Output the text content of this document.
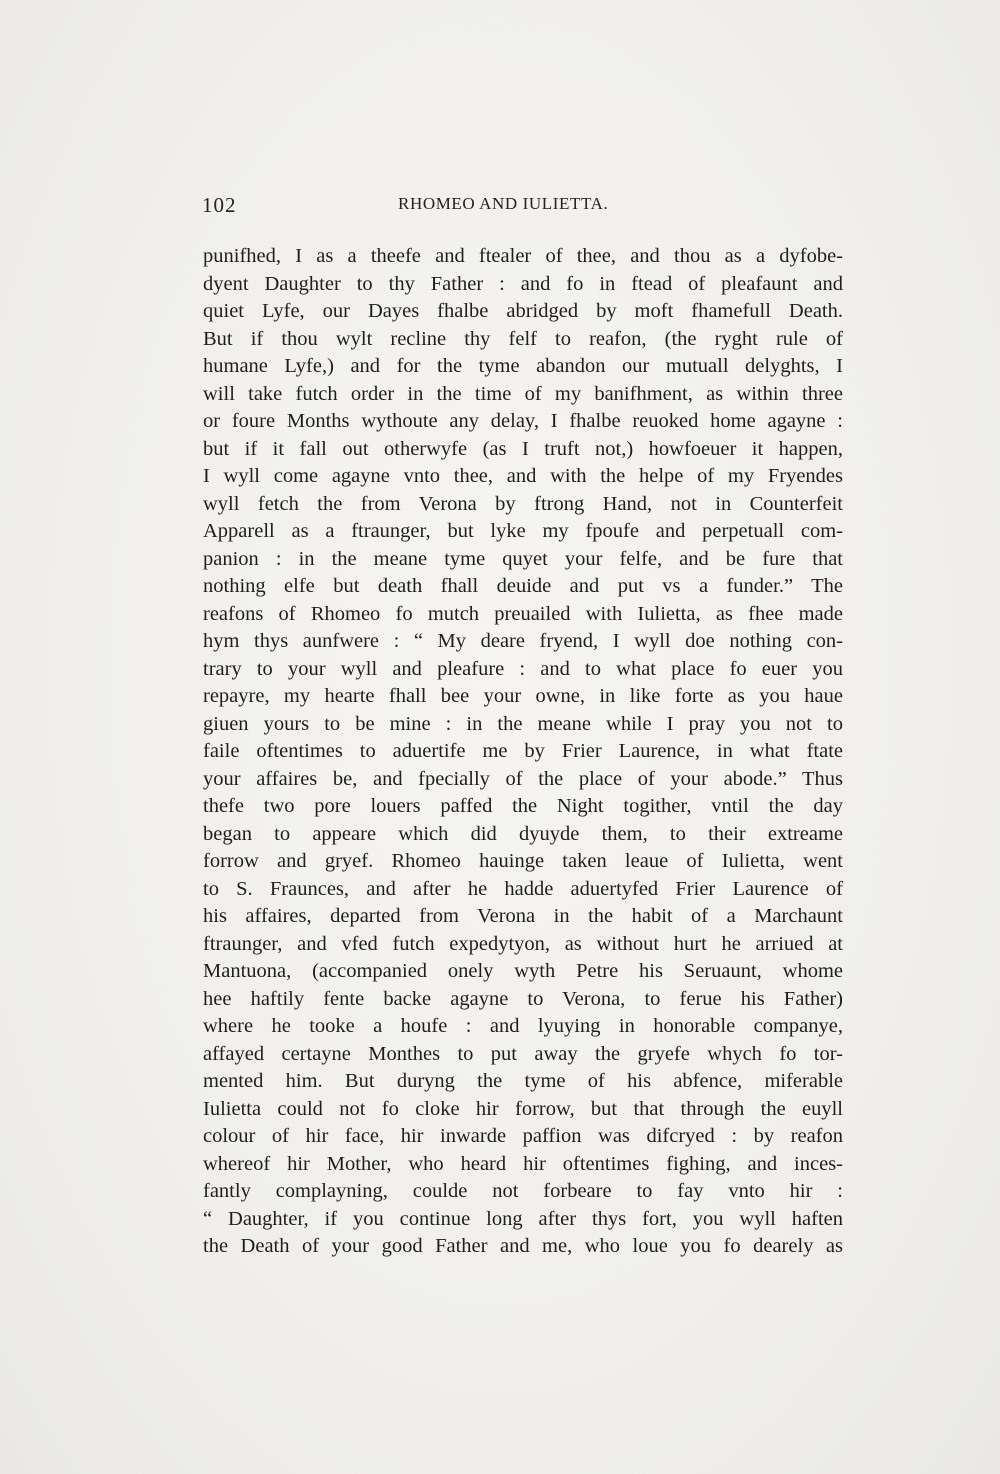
102	RHOMEO AND IULIETTA.
punifhed, I as a theefe and ftealer of thee, and thou as a dyfobe-
dyent Daughter to thy Father : and fo in ftead of pleafaunt and
quiet Lyfe, our Dayes fhalbe abridged by moft fhamefull Death.
But if thou wylt recline thy felf to reafon, (the ryght rule of
humane Lyfe,) and for the tyme abandon our mutuall delyghts, I
will take futch order in the time of my banifhment, as within three
or foure Months wythoute any delay, I fhalbe reuoked home agayne :
but if it fall out otherwyfe (as I truft not,) howfoeuer it happen,
I wyll come agayne vnto thee, and with the helpe of my Fryendes
wyll fetch the from Verona by ftrong Hand, not in Counterfeit
Apparell as a ftraunger, but lyke my fpoufe and perpetuall com-
panion : in the meane tyme quyet your felfe, and be fure that
nothing elfe but death fhall deuide and put vs a funder.” The
reafons of Rhomeo fo mutch preuailed with Iulietta, as fhee made
hym thys aunfwere : “ My deare fryend, I wyll doe nothing con-
trary to your wyll and pleafure : and to what place fo euer you
repayre, my hearte fhall bee your owne, in like forte as you haue
giuen yours to be mine : in the meane while I pray you not to
faile oftentimes to aduertife me by Frier Laurence, in what ftate
your affaires be, and fpecially of the place of your abode.” Thus
thefe two pore louers paffed the Night togither, vntil the day
began to appeare which did dyuyde them, to their extreame
forrow and gryef. Rhomeo hauinge taken leaue of Iulietta, went
to S. Fraunces, and after he hadde aduertyfed Frier Laurence of
his affaires, departed from Verona in the habit of a Marchaunt
ftraunger, and vfed futch expedytyon, as without hurt he arriued at
Mantuona, (accompanied onely wyth Petre his Seruaunt, whome
hee haftily fente backe agayne to Verona, to ferue his Father)
where he tooke a houfe : and lyuying in honorable companye,
affayed certayne Monthes to put away the gryefe whych fo tor-
mented him. But duryng the tyme of his abfence, miferable
Iulietta could not fo cloke hir forrow, but that through the euyll
colour of hir face, hir inwarde paffion was difcryed : by reafon
whereof hir Mother, who heard hir oftentimes fighing, and inces-
fantly complayning, coulde not forbeare to fay vnto hir :
“ Daughter, if you continue long after thys fort, you wyll haften
the Death of your good Father and me, who loue you fo dearely as
